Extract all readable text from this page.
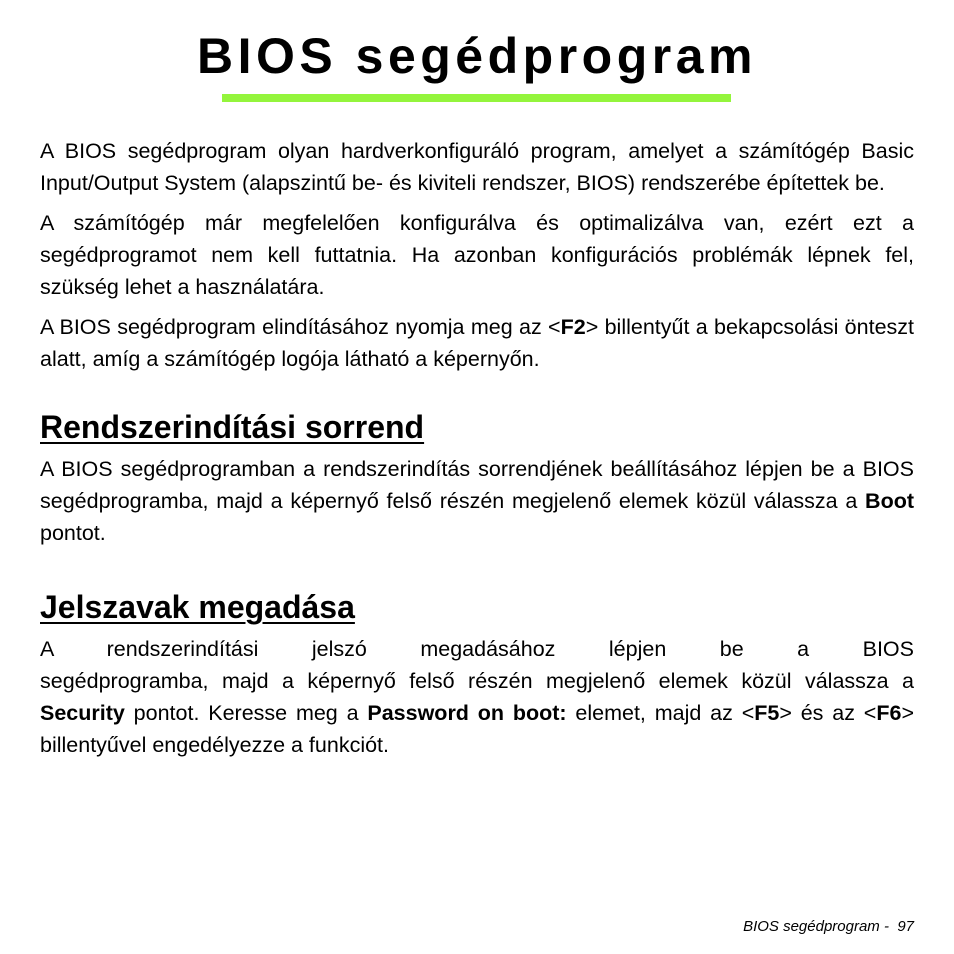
BIOS segédprogram

A BIOS segédprogram olyan hardverkonfiguráló program, amelyet a számítógép Basic Input/Output System (alapszintű be- és kiviteli rendszer, BIOS) rendszerébe építettek be.

A számítógép már megfelelően konfigurálva és optimalizálva van, ezért ezt a segédprogramot nem kell futtatnia. Ha azonban konfigurációs problémák lépnek fel, szükség lehet a használatára.

A BIOS segédprogram elindításához nyomja meg az <F2> billentyűt a bekapcsolási önteszt alatt, amíg a számítógép logója látható a képernyőn.

Rendszerindítási sorrend

A BIOS segédprogramban a rendszerindítás sorrendjének beállításához lépjen be a BIOS segédprogramba, majd a képernyő felső részén megjelenő elemek közül válassza a Boot pontot.

Jelszavak megadása

A rendszerindítási jelszó megadásához lépjen be a BIOS

segédprogramba, majd a képernyő felső részén megjelenő elemek közül válassza a Security pontot. Keresse meg a Password on boot: elemet, majd az <F5> és az <F6> billentyűvel engedélyezze a funkciót.

BIOS segédprogram -  97
